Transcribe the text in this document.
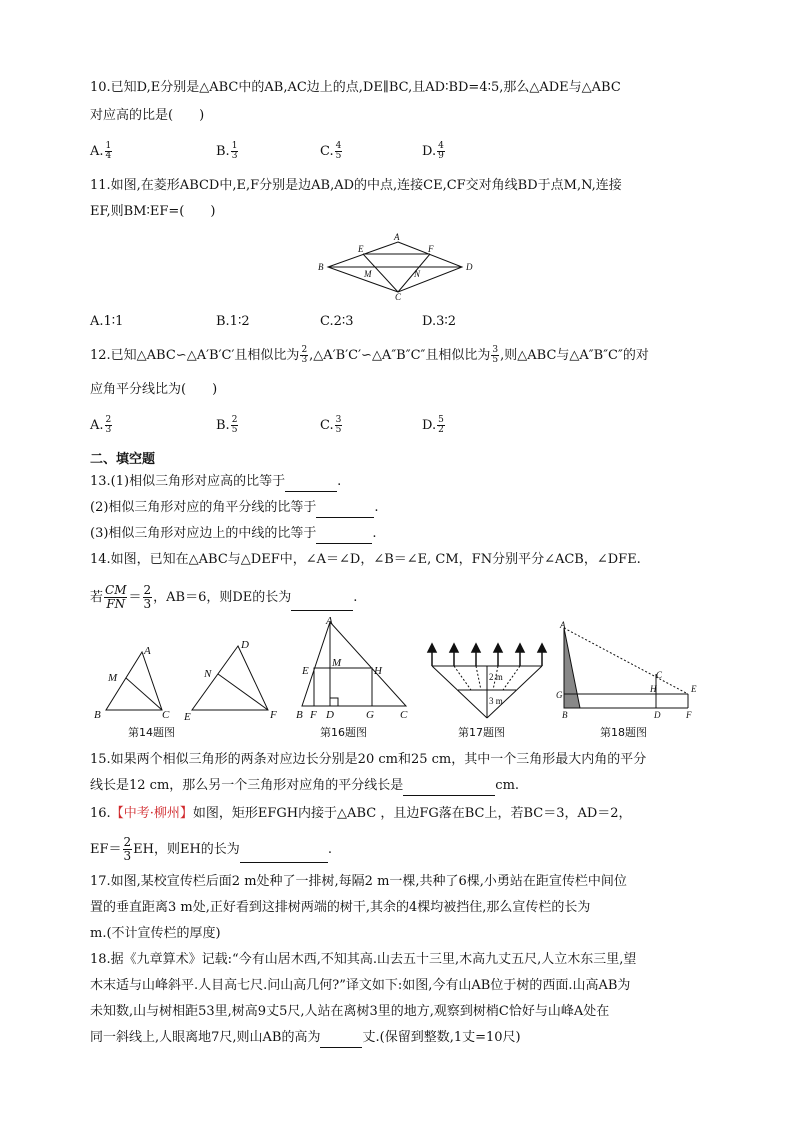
10.已知D,E分别是△ABC中的AB,AC边上的点,DE∥BC,且AD∶BD=4∶5,那么△ADE与△ABC
对应高的比是(　　)
A. $\frac{1}{4}$	B. $\frac{1}{3}$	C. $\frac{4}{5}$	D. $\frac{4}{9}$
11.如图,在菱形ABCD中,E,F分别是边AB,AD的中点,连接CE,CF交对角线BD于点M,N,连接
EF,则BM∶EF=(　　)
A
B
C
D
E	F
M	N
A.1∶1	B.1∶2	C.2∶3	D.3∶2
12.已知△ABC∽△A′B′C′且相似比为 $\frac{2}{3}$ ,△A′B′C′∽△A″B″C″且相似比为 $\frac{3}{5}$ ,则△ABC与△A″B″C″的对
应角平分线比为(　　)
A. $\frac{2}{3}$	B. $\frac{2}{5}$	C. $\frac{3}{5}$	D. $\frac{5}{2}$
二、填空题
13.(1)相似三角形对应高的比等于	.
(2)相似三角形对应的角平分线的比等于	.
(3)相似三角形对应边上的中线的比等于	.
14.如图，已知在△ABC与△DEF中，∠A＝∠D，∠B＝∠E, CM，FN分别平分∠ACB，∠DFE.
若 $\frac{CM}{FN} = \frac{2}{3}$ ，AB＝6，则DE的长为	.
A
M
B	C
D
N
E	F
第14题图
A
E
M
H
B F D	G C
第16题图
2 m
3 m
第17题图
A
C
G
H	E
B	D	F
第18题图
15.如果两个相似三角形的两条对应边长分别是20 cm和25 cm，其中一个三角形最大内角的平分
线长是12 cm，那么另一个三角形对应角的平分线长是	cm.
16.【中考·柳州】如图，矩形EFGH内接于△ABC ，且边FG落在BC上，若BC＝3，AD＝2，
$EF= \frac{2}{3}$ EH，则EH的长为	.
17.如图,某校宣传栏后面2 m处种了一排树,每隔2 m一棵,共种了6棵,小勇站在距宣传栏中间位
置的垂直距离3 m处,正好看到这排树两端的树干,其余的4棵均被挡住,那么宣传栏的长为
m.(不计宣传栏的厚度)
18.据《九章算术》记载:“今有山居木西,不知其高.山去五十三里,木高九丈五尺,人立木东三里,望
木末适与山峰斜平.人目高七尺.问山高几何?”译文如下:如图,今有山AB位于树的西面.山高AB为
未知数,山与树相距53里,树高9丈5尺,人站在离树3里的地方,观察到树梢C恰好与山峰A处在
同一斜线上,人眼离地7尺,则山AB的高为	丈.(保留到整数,1丈=10尺)
